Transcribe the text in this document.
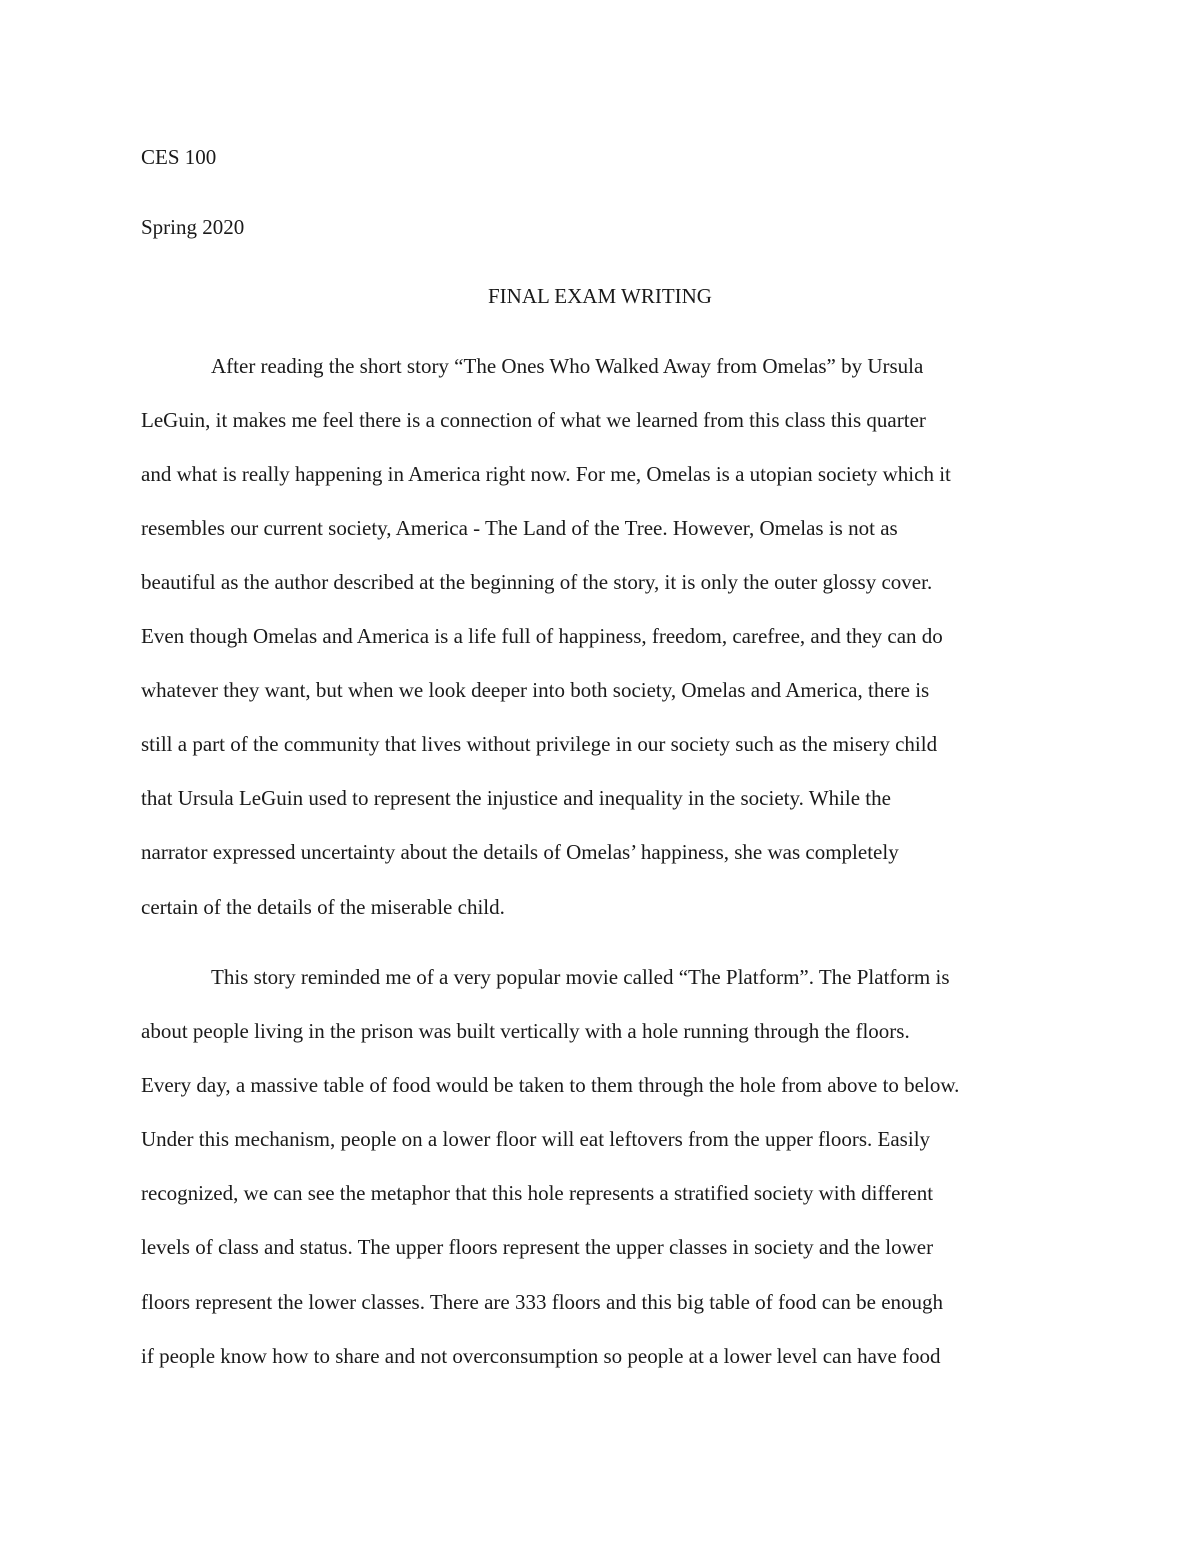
CES 100
Spring 2020
FINAL EXAM WRITING
After reading the short story “The Ones Who Walked Away from Omelas” by Ursula
LeGuin, it makes me feel there is a connection of what we learned from this class this quarter
and what is really happening in America right now. For me, Omelas is a utopian society which it
resembles our current society, America - The Land of the Tree. However, Omelas is not as
beautiful as the author described at the beginning of the story, it is only the outer glossy cover.
Even though Omelas and America is a life full of happiness, freedom, carefree, and they can do
whatever they want, but when we look deeper into both society, Omelas and America, there is
still a part of the community that lives without privilege in our society such as the misery child
that Ursula LeGuin used to represent the injustice and inequality in the society. While the
narrator expressed uncertainty about the details of Omelas’ happiness, she was completely
certain of the details of the miserable child.
This story reminded me of a very popular movie called “The Platform”. The Platform is
about people living in the prison was built vertically with a hole running through the floors.
Every day, a massive table of food would be taken to them through the hole from above to below.
Under this mechanism, people on a lower floor will eat leftovers from the upper floors. Easily
recognized, we can see the metaphor that this hole represents a stratified society with different
levels of class and status. The upper floors represent the upper classes in society and the lower
floors represent the lower classes. There are 333 floors and this big table of food can be enough
if people know how to share and not overconsumption so people at a lower level can have food
